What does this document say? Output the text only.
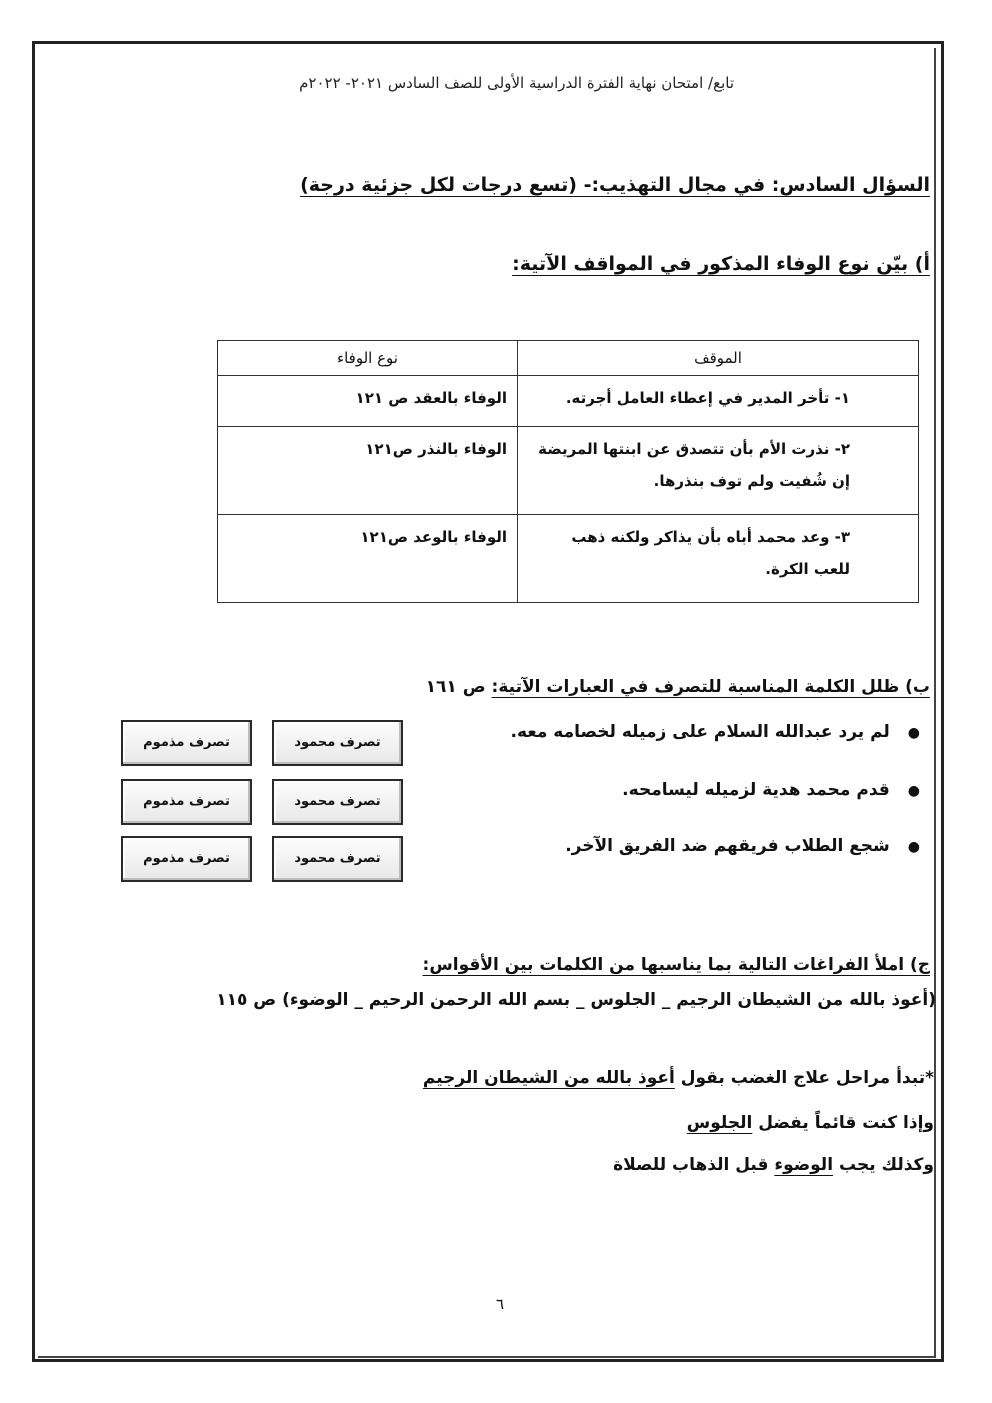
تابع/ امتحان نهاية الفترة الدراسية الأولى للصف السادس ٢٠٢١- ٢٠٢٢م
السؤال السادس: في مجال التهذيب:- (تسع درجات لكل جزئية درجة)
أ) بيّن نوع الوفاء المذكور في المواقف الآتية:
الموقف	نوع الوفاء
١- تأخر المدير في إعطاء العامل أجرته.	الوفاء بالعقد ص ١٢١
٢- نذرت الأم بأن تتصدق عن ابنتها المريضة إن شُفيت ولم توف بنذرها.	الوفاء بالنذر ص١٢١
٣- وعد محمد أباه بأن يذاكر ولكنه ذهب للعب الكرة.	الوفاء بالوعد ص١٢١
ب) ظلل الكلمة المناسبة للتصرف في العبارات الآتية: ص ١٦١
●لم يرد عبدالله السلام على زميله لخصامه معه.
●قدم محمد هدية لزميله ليسامحه.
●شجع الطلاب فريقهم ضد الفريق الآخر.
تصرف محمود
تصرف مذموم
تصرف محمود
تصرف مذموم
تصرف محمود
تصرف مذموم
ج) املأ الفراغات التالية بما يناسبها من الكلمات بين الأقواس:
(أعوذ بالله من الشيطان الرجيم _ الجلوس _ بسم الله الرحمن الرحيم _ الوضوء) ص ١١٥
*تبدأ مراحل علاج الغضب بقول أعوذ بالله من الشيطان الرجيم
وإذا كنت قائماً يفضل الجلوس
وكذلك يجب الوضوء قبل الذهاب للصلاة
٦
